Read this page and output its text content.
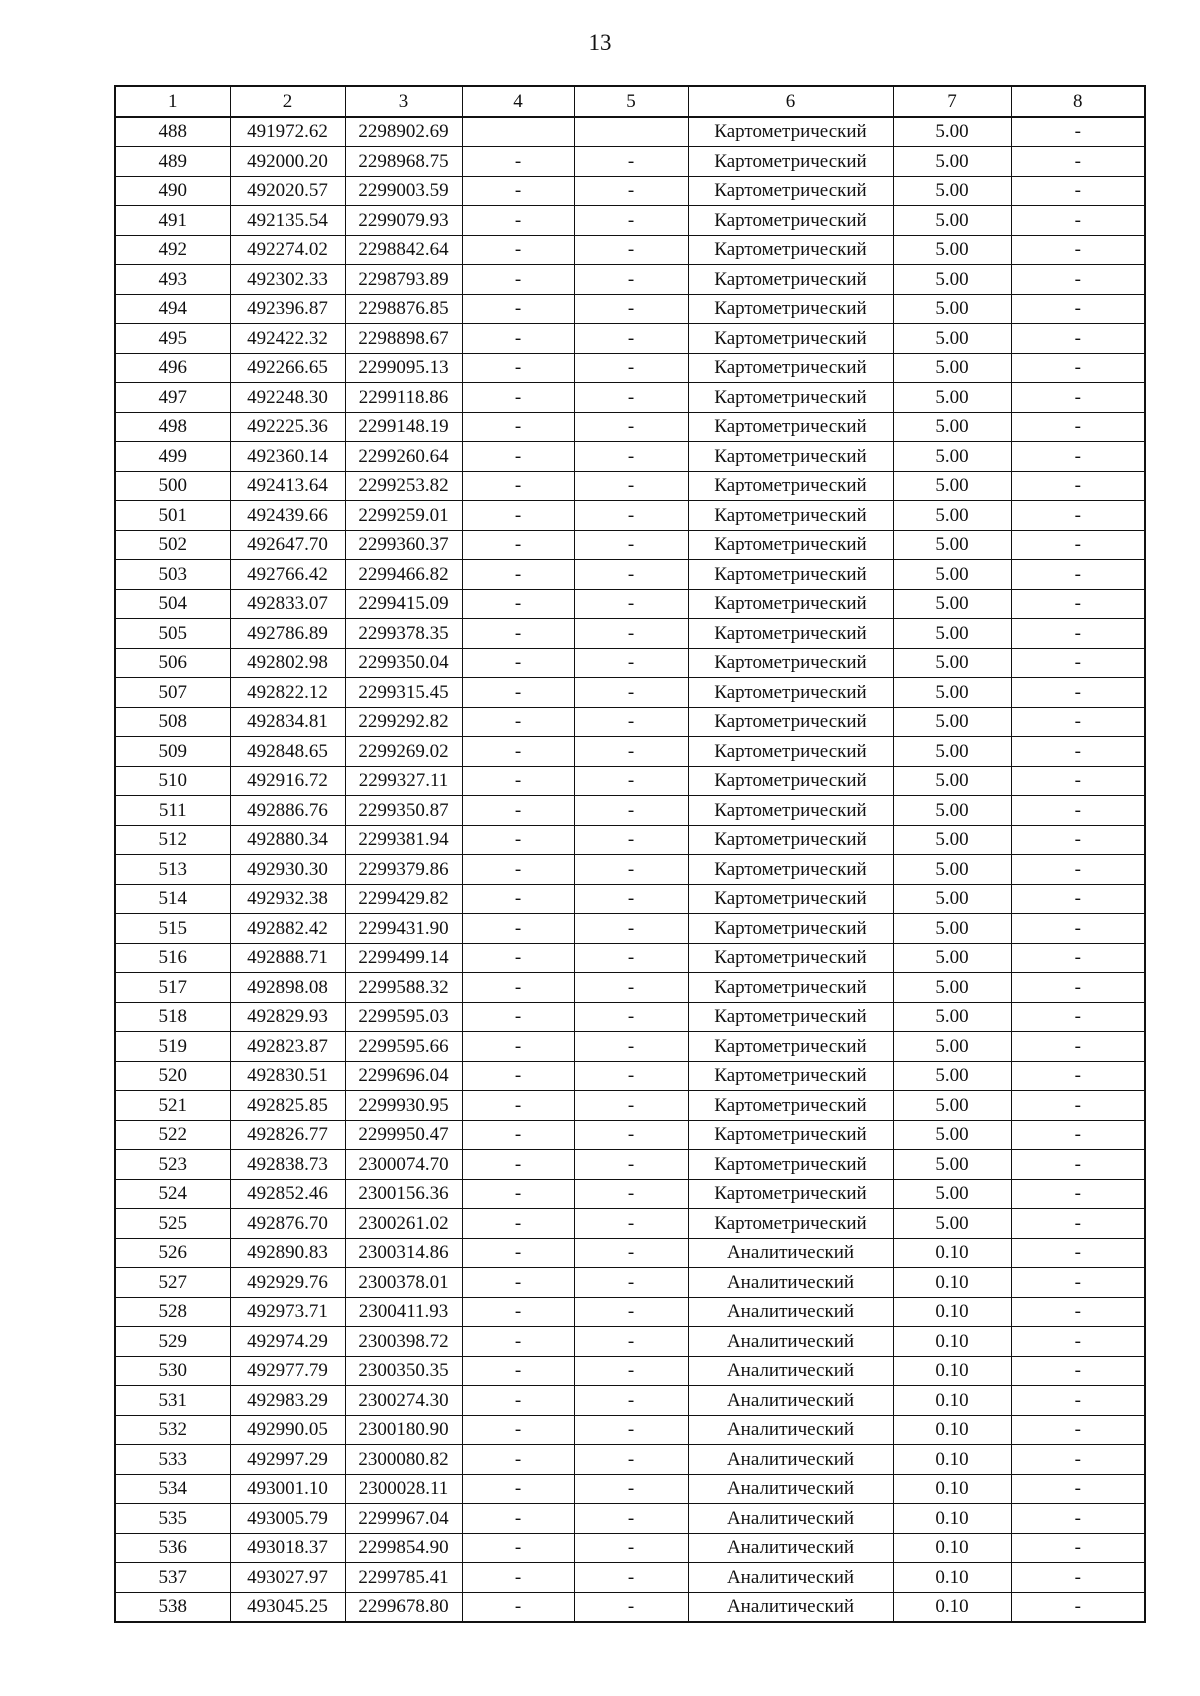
13
1	2	3	4	5	6	7	8
488	491972.62	2298902.69			Картометрический	5.00	-
489	492000.20	2298968.75	-	-	Картометрический	5.00	-
490	492020.57	2299003.59	-	-	Картометрический	5.00	-
491	492135.54	2299079.93	-	-	Картометрический	5.00	-
492	492274.02	2298842.64	-	-	Картометрический	5.00	-
493	492302.33	2298793.89	-	-	Картометрический	5.00	-
494	492396.87	2298876.85	-	-	Картометрический	5.00	-
495	492422.32	2298898.67	-	-	Картометрический	5.00	-
496	492266.65	2299095.13	-	-	Картометрический	5.00	-
497	492248.30	2299118.86	-	-	Картометрический	5.00	-
498	492225.36	2299148.19	-	-	Картометрический	5.00	-
499	492360.14	2299260.64	-	-	Картометрический	5.00	-
500	492413.64	2299253.82	-	-	Картометрический	5.00	-
501	492439.66	2299259.01	-	-	Картометрический	5.00	-
502	492647.70	2299360.37	-	-	Картометрический	5.00	-
503	492766.42	2299466.82	-	-	Картометрический	5.00	-
504	492833.07	2299415.09	-	-	Картометрический	5.00	-
505	492786.89	2299378.35	-	-	Картометрический	5.00	-
506	492802.98	2299350.04	-	-	Картометрический	5.00	-
507	492822.12	2299315.45	-	-	Картометрический	5.00	-
508	492834.81	2299292.82	-	-	Картометрический	5.00	-
509	492848.65	2299269.02	-	-	Картометрический	5.00	-
510	492916.72	2299327.11	-	-	Картометрический	5.00	-
511	492886.76	2299350.87	-	-	Картометрический	5.00	-
512	492880.34	2299381.94	-	-	Картометрический	5.00	-
513	492930.30	2299379.86	-	-	Картометрический	5.00	-
514	492932.38	2299429.82	-	-	Картометрический	5.00	-
515	492882.42	2299431.90	-	-	Картометрический	5.00	-
516	492888.71	2299499.14	-	-	Картометрический	5.00	-
517	492898.08	2299588.32	-	-	Картометрический	5.00	-
518	492829.93	2299595.03	-	-	Картометрический	5.00	-
519	492823.87	2299595.66	-	-	Картометрический	5.00	-
520	492830.51	2299696.04	-	-	Картометрический	5.00	-
521	492825.85	2299930.95	-	-	Картометрический	5.00	-
522	492826.77	2299950.47	-	-	Картометрический	5.00	-
523	492838.73	2300074.70	-	-	Картометрический	5.00	-
524	492852.46	2300156.36	-	-	Картометрический	5.00	-
525	492876.70	2300261.02	-	-	Картометрический	5.00	-
526	492890.83	2300314.86	-	-	Аналитический	0.10	-
527	492929.76	2300378.01	-	-	Аналитический	0.10	-
528	492973.71	2300411.93	-	-	Аналитический	0.10	-
529	492974.29	2300398.72	-	-	Аналитический	0.10	-
530	492977.79	2300350.35	-	-	Аналитический	0.10	-
531	492983.29	2300274.30	-	-	Аналитический	0.10	-
532	492990.05	2300180.90	-	-	Аналитический	0.10	-
533	492997.29	2300080.82	-	-	Аналитический	0.10	-
534	493001.10	2300028.11	-	-	Аналитический	0.10	-
535	493005.79	2299967.04	-	-	Аналитический	0.10	-
536	493018.37	2299854.90	-	-	Аналитический	0.10	-
537	493027.97	2299785.41	-	-	Аналитический	0.10	-
538	493045.25	2299678.80	-	-	Аналитический	0.10	-
